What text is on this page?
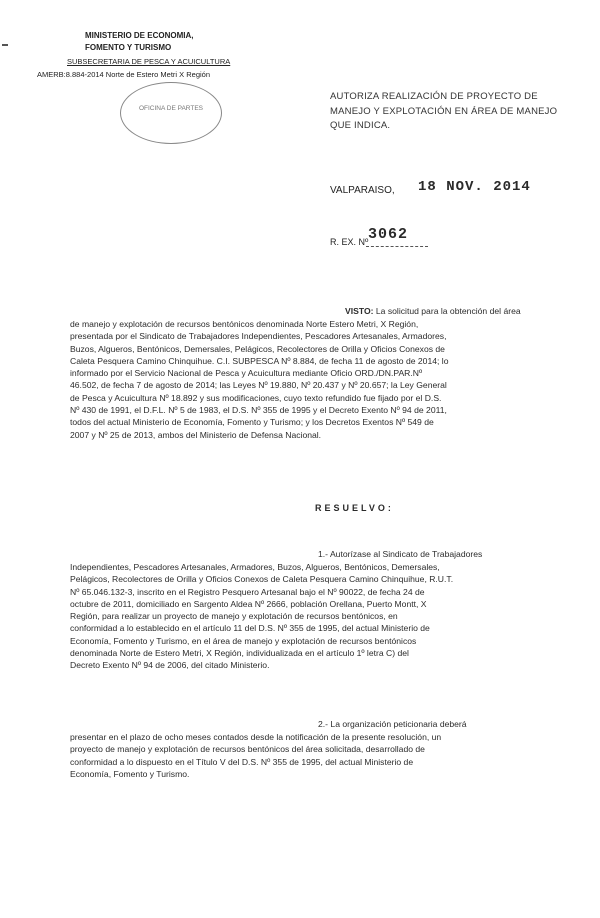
MINISTERIO DE ECONOMIA,
FOMENTO Y TURISMO
SUBSECRETARIA DE PESCA Y ACUICULTURA
AMERB:8.884-2014 Norte de Estero Metri X Región
OFICINA DE PARTES
AUTORIZA REALIZACIÓN DE PROYECTO DE
MANEJO Y EXPLOTACIÓN EN ÁREA DE MANEJO
QUE INDICA.
VALPARAISO, 18 NOV. 2014
R. EX. Nº 3062
VISTO: La solicitud para la obtención del área
de manejo y explotación de recursos bentónicos denominada Norte Estero Metri, X Región,
presentada por el Sindicato de Trabajadores Independientes, Pescadores Artesanales, Armadores,
Buzos, Algueros, Bentónicos, Demersales, Pelágicos, Recolectores de Orilla y Oficios Conexos de
Caleta Pesquera Camino Chinquihue. C.I. SUBPESCA Nº 8.884, de fecha 11 de agosto de 2014; lo
informado por el Servicio Nacional de Pesca y Acuicultura mediante Oficio ORD./DN.PAR.Nº
46.502, de fecha 7 de agosto de 2014; las Leyes Nº 19.880, Nº 20.437 y Nº 20.657; la Ley General
de Pesca y Acuicultura Nº 18.892 y sus modificaciones, cuyo texto refundido fue fijado por el D.S.
Nº 430 de 1991, el D.F.L. Nº 5 de 1983, el D.S. Nº 355 de 1995 y el Decreto Exento Nº 94 de 2011,
todos del actual Ministerio de Economía, Fomento y Turismo; y los Decretos Exentos Nº 549 de
2007 y Nº 25 de 2013, ambos del Ministerio de Defensa Nacional.
RESUELVO:
1.- Autorízase al Sindicato de Trabajadores
Independientes, Pescadores Artesanales, Armadores, Buzos, Algueros, Bentónicos, Demersales,
Pelágicos, Recolectores de Orilla y Oficios Conexos de Caleta Pesquera Camino Chinquihue, R.U.T.
Nº 65.046.132-3, inscrito en el Registro Pesquero Artesanal bajo el Nº 90022, de fecha 24 de
octubre de 2011, domiciliado en Sargento Aldea Nº 2666, población Orellana, Puerto Montt, X
Región, para realizar un proyecto de manejo y explotación de recursos bentónicos, en
conformidad a lo establecido en el artículo 11 del D.S. Nº 355 de 1995, del actual Ministerio de
Economía, Fomento y Turismo, en el área de manejo y explotación de recursos bentónicos
denominada Norte de Estero Metri, X Región, individualizada en el artículo 1º letra C) del
Decreto Exento Nº 94 de 2006, del citado Ministerio.
2.- La organización peticionaria deberá
presentar en el plazo de ocho meses contados desde la notificación de la presente resolución, un
proyecto de manejo y explotación de recursos bentónicos del área solicitada, desarrollado de
conformidad a lo dispuesto en el Título V del D.S. Nº 355 de 1995, del actual Ministerio de
Economía, Fomento y Turismo.
